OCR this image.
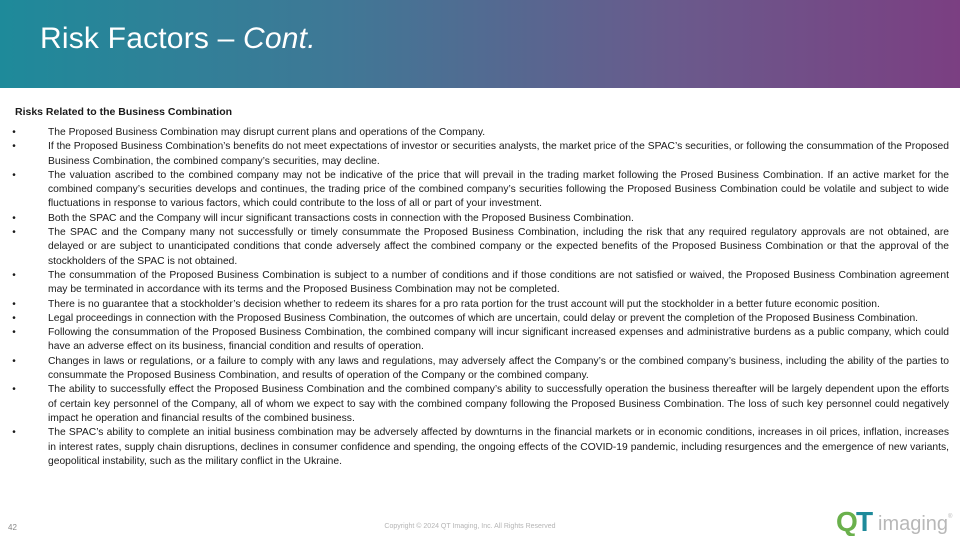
Risk Factors – Cont.
Risks Related to the Business Combination
•	The Proposed Business Combination may disrupt current plans and operations of the Company.
•	If the Proposed Business Combination’s benefits do not meet expectations of investor or securities analysts, the market price of the SPAC’s securities, or following the consummation of the Proposed Business Combination, the combined company’s securities, may decline.
•	The valuation ascribed to the combined company may not be indicative of the price that will prevail in the trading market following the Prosed Business Combination. If an active market for the combined company’s securities develops and continues, the trading price of the combined company’s securities following the Proposed Business Combination could be volatile and subject to wide fluctuations in response to various factors, which could contribute to the loss of all or part of your investment.
•	Both the SPAC and the Company will incur significant transactions costs in connection with the Proposed Business Combination.
•	The SPAC and the Company many not successfully or timely consummate the Proposed Business Combination, including the risk that any required regulatory approvals are not obtained, are delayed or are subject to unanticipated conditions that conde adversely affect the combined company or the expected benefits of the Proposed Business Combination or that the approval of the stockholders of the SPAC is not obtained.
•	The consummation of the Proposed Business Combination is subject to a number of conditions and if those conditions are not satisfied or waived, the Proposed Business Combination agreement may be terminated in accordance with its terms and the Proposed Business Combination may not be completed.
•	There is no guarantee that a stockholder’s decision whether to redeem its shares for a pro rata portion for the trust account will put the stockholder in a better future economic position.
•	Legal proceedings in connection with the Proposed Business Combination, the outcomes of which are uncertain, could delay or prevent the completion of the Proposed Business Combination.
•	Following the consummation of the Proposed Business Combination, the combined company will incur significant increased expenses and administrative burdens as a public company, which could have an adverse effect on its business, financial condition and results of operation.
•	Changes in laws or regulations, or a failure to comply with any laws and regulations, may adversely affect the Company’s or the combined company’s business, including the ability of the parties to consummate the Proposed Business Combination, and results of operation of the Company or the combined company.
•	The ability to successfully effect the Proposed Business Combination and the combined company’s ability to successfully operation the business thereafter will be largely dependent upon the efforts of certain key personnel of the Company, all of whom we expect to say with the combined company following the Proposed Business Combination. The loss of such key personnel could negatively impact he operation and financial results of the combined business.
•	The SPAC’s ability to complete an initial business combination may be adversely affected by downturns in the financial markets or in economic conditions, increases in oil prices, inflation, increases in interest rates, supply chain disruptions, declines in consumer confidence and spending, the ongoing effects of the COVID-19 pandemic, including resurgences and the emergence of new variants, geopolitical instability, such as the military conflict in the Ukraine.
42	Copyright © 2024 QT Imaging, Inc. All Rights Reserved	Q
T imaging ®
